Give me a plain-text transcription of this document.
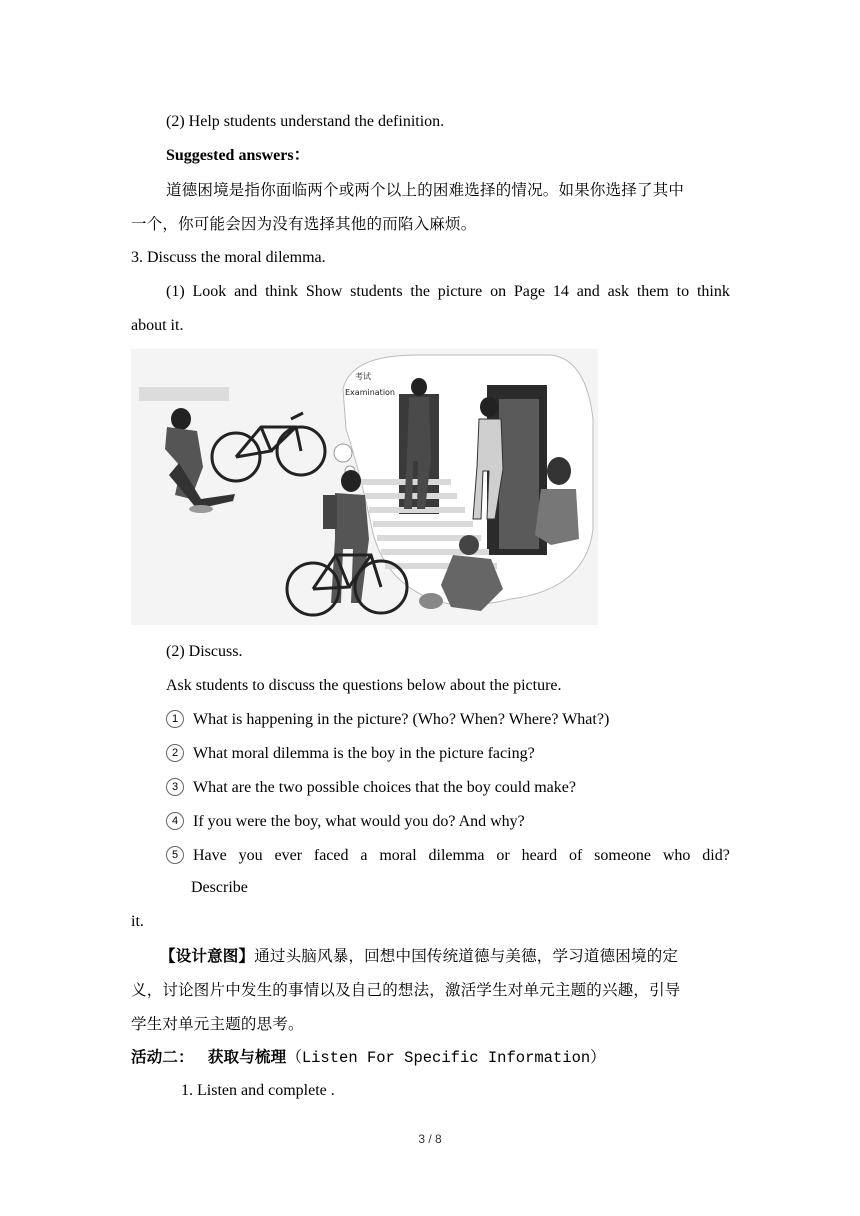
(2) Help students understand the definition.
Suggested answers：
道德困境是指你面临两个或两个以上的困难选择的情况。如果你选择了其中
一个，你可能会因为没有选择其他的而陷入麻烦。
3. Discuss the moral dilemma.
(1) Look and think Show students the picture on Page 14 and ask them to think
about it.
考试
Examination
(2) Discuss.
Ask students to discuss the questions below about the picture.
1 What is happening in the picture? (Who? When? Where? What?)
2 What moral dilemma is the boy in the picture facing?
3 What are the two possible choices that the boy could make?
4 If you were the boy, what would you do? And why?
5 Have you ever faced a moral dilemma or heard of someone who did?
Describe
it.
【设计意图】通过头脑风暴，回想中国传统道德与美德，学习道德困境的定
义，讨论图片中发生的事情以及自己的想法，激活学生对单元主题的兴趣，引导
学生对单元主题的思考。
活动二： 获取与梳理（Listen For Specific Information）
1. Listen and complete .
3 / 8
